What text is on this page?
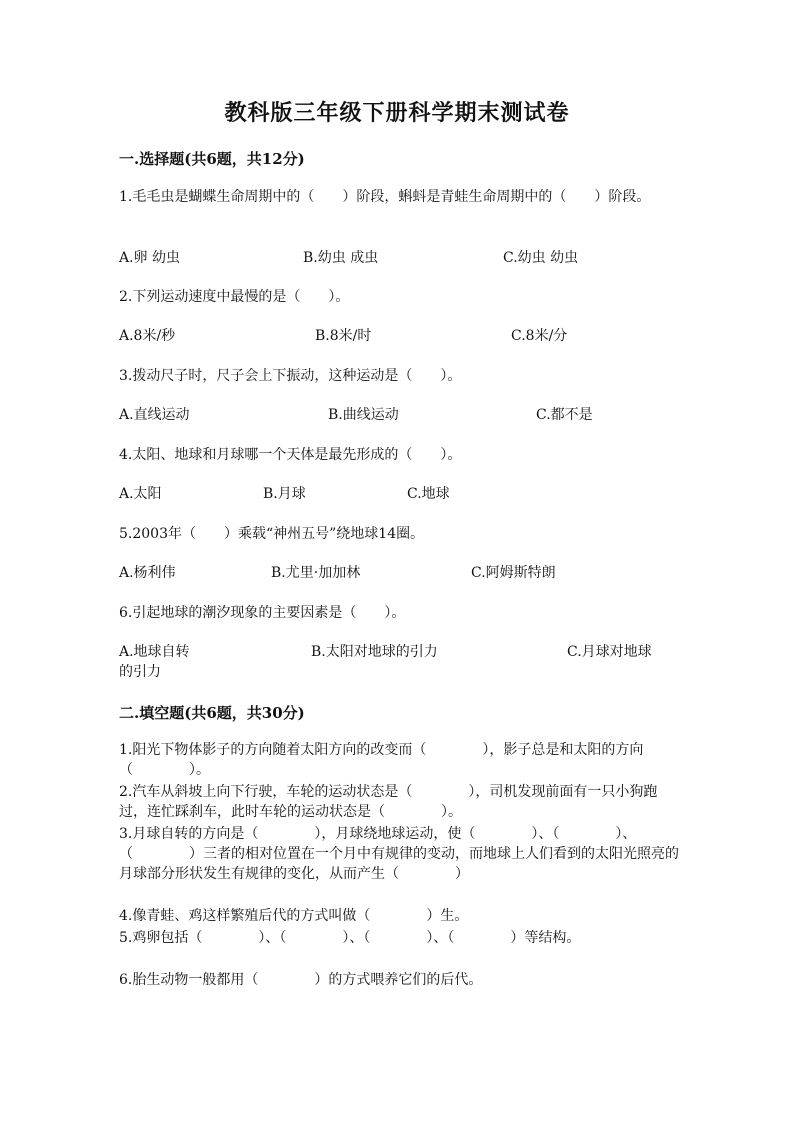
教科版三年级下册科学期末测试卷
一.选择题(共6题，共12分)
1.毛毛虫是蝴蝶生命周期中的（　　）阶段，蝌蚪是青蛙生命周期中的（　　）阶段。
A.卵 幼虫	B.幼虫 成虫	C.幼虫 幼虫
2.下列运动速度中最慢的是（　　）。
A.8米/秒	B.8米/时	C.8米/分
3.拨动尺子时，尺子会上下振动，这种运动是（　　）。
A.直线运动	B.曲线运动	C.都不是
4.太阳、地球和月球哪一个天体是最先形成的（　　）。
A.太阳	B.月球	C.地球
5.2003年（　　）乘载“神州五号”绕地球14圈。
A.杨利伟	B.尤里·加加林	C.阿姆斯特朗
6.引起地球的潮汐现象的主要因素是（　　）。
A.地球自转	B.太阳对地球的引力	C.月球对地球
的引力
二.填空题(共6题，共30分)
1.阳光下物体影子的方向随着太阳方向的改变而（　　　　），影子总是和太阳的方向（　　　　）。
2.汽车从斜坡上向下行驶，车轮的运动状态是（　　　　），司机发现前面有一只小狗跑过，连忙踩刹车，此时车轮的运动状态是（　　　　）。
3.月球自转的方向是（　　　　），月球绕地球运动，使（　　　　）、（　　　　）、（　　　　）三者的相对位置在一个月中有规律的变动，而地球上人们看到的太阳光照亮的月球部分形状发生有规律的变化，从而产生（　　　　）
4.像青蛙、鸡这样繁殖后代的方式叫做（　　　　）生。
5.鸡卵包括（　　　　）、（　　　　）、（　　　　）、（　　　　）等结构。
6.胎生动物一般都用（　　　　）的方式喂养它们的后代。
